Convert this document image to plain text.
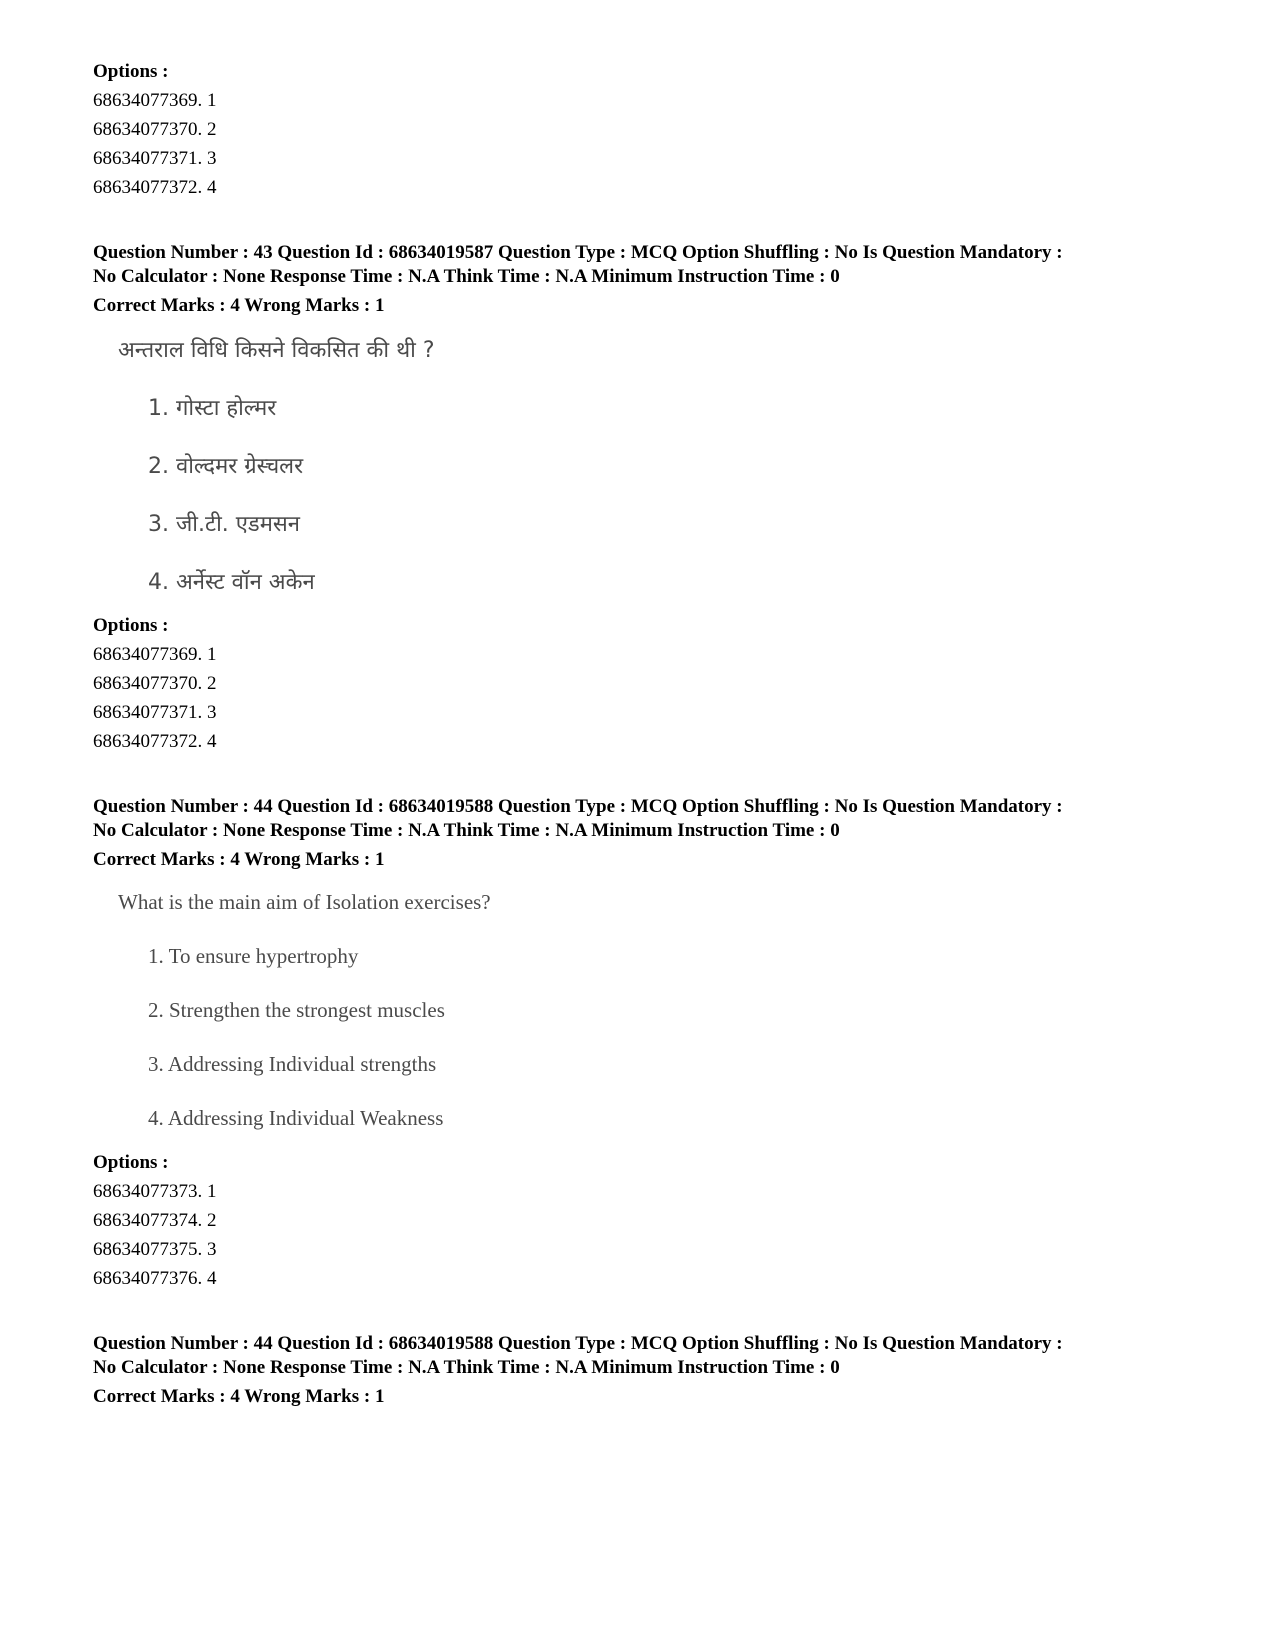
Options :
68634077369. 1
68634077370. 2
68634077371. 3
68634077372. 4
Question Number : 43 Question Id : 68634019587 Question Type : MCQ Option Shuffling : No Is Question Mandatory :
No Calculator : None Response Time : N.A Think Time : N.A Minimum Instruction Time : 0
Correct Marks : 4 Wrong Marks : 1
अन्तराल विधि किसने विकसित की थी ?
1. गोस्टा होल्मर
2. वोल्दमर ग्रेस्चलर
3. जी.टी. एडमसन
4. अर्नेस्ट वॉन अकेन
Options :
68634077369. 1
68634077370. 2
68634077371. 3
68634077372. 4
Question Number : 44 Question Id : 68634019588 Question Type : MCQ Option Shuffling : No Is Question Mandatory :
No Calculator : None Response Time : N.A Think Time : N.A Minimum Instruction Time : 0
Correct Marks : 4 Wrong Marks : 1
What is the main aim of Isolation exercises?
1. To ensure hypertrophy
2. Strengthen the strongest muscles
3. Addressing Individual strengths
4. Addressing Individual Weakness
Options :
68634077373. 1
68634077374. 2
68634077375. 3
68634077376. 4
Question Number : 44 Question Id : 68634019588 Question Type : MCQ Option Shuffling : No Is Question Mandatory :
No Calculator : None Response Time : N.A Think Time : N.A Minimum Instruction Time : 0
Correct Marks : 4 Wrong Marks : 1
